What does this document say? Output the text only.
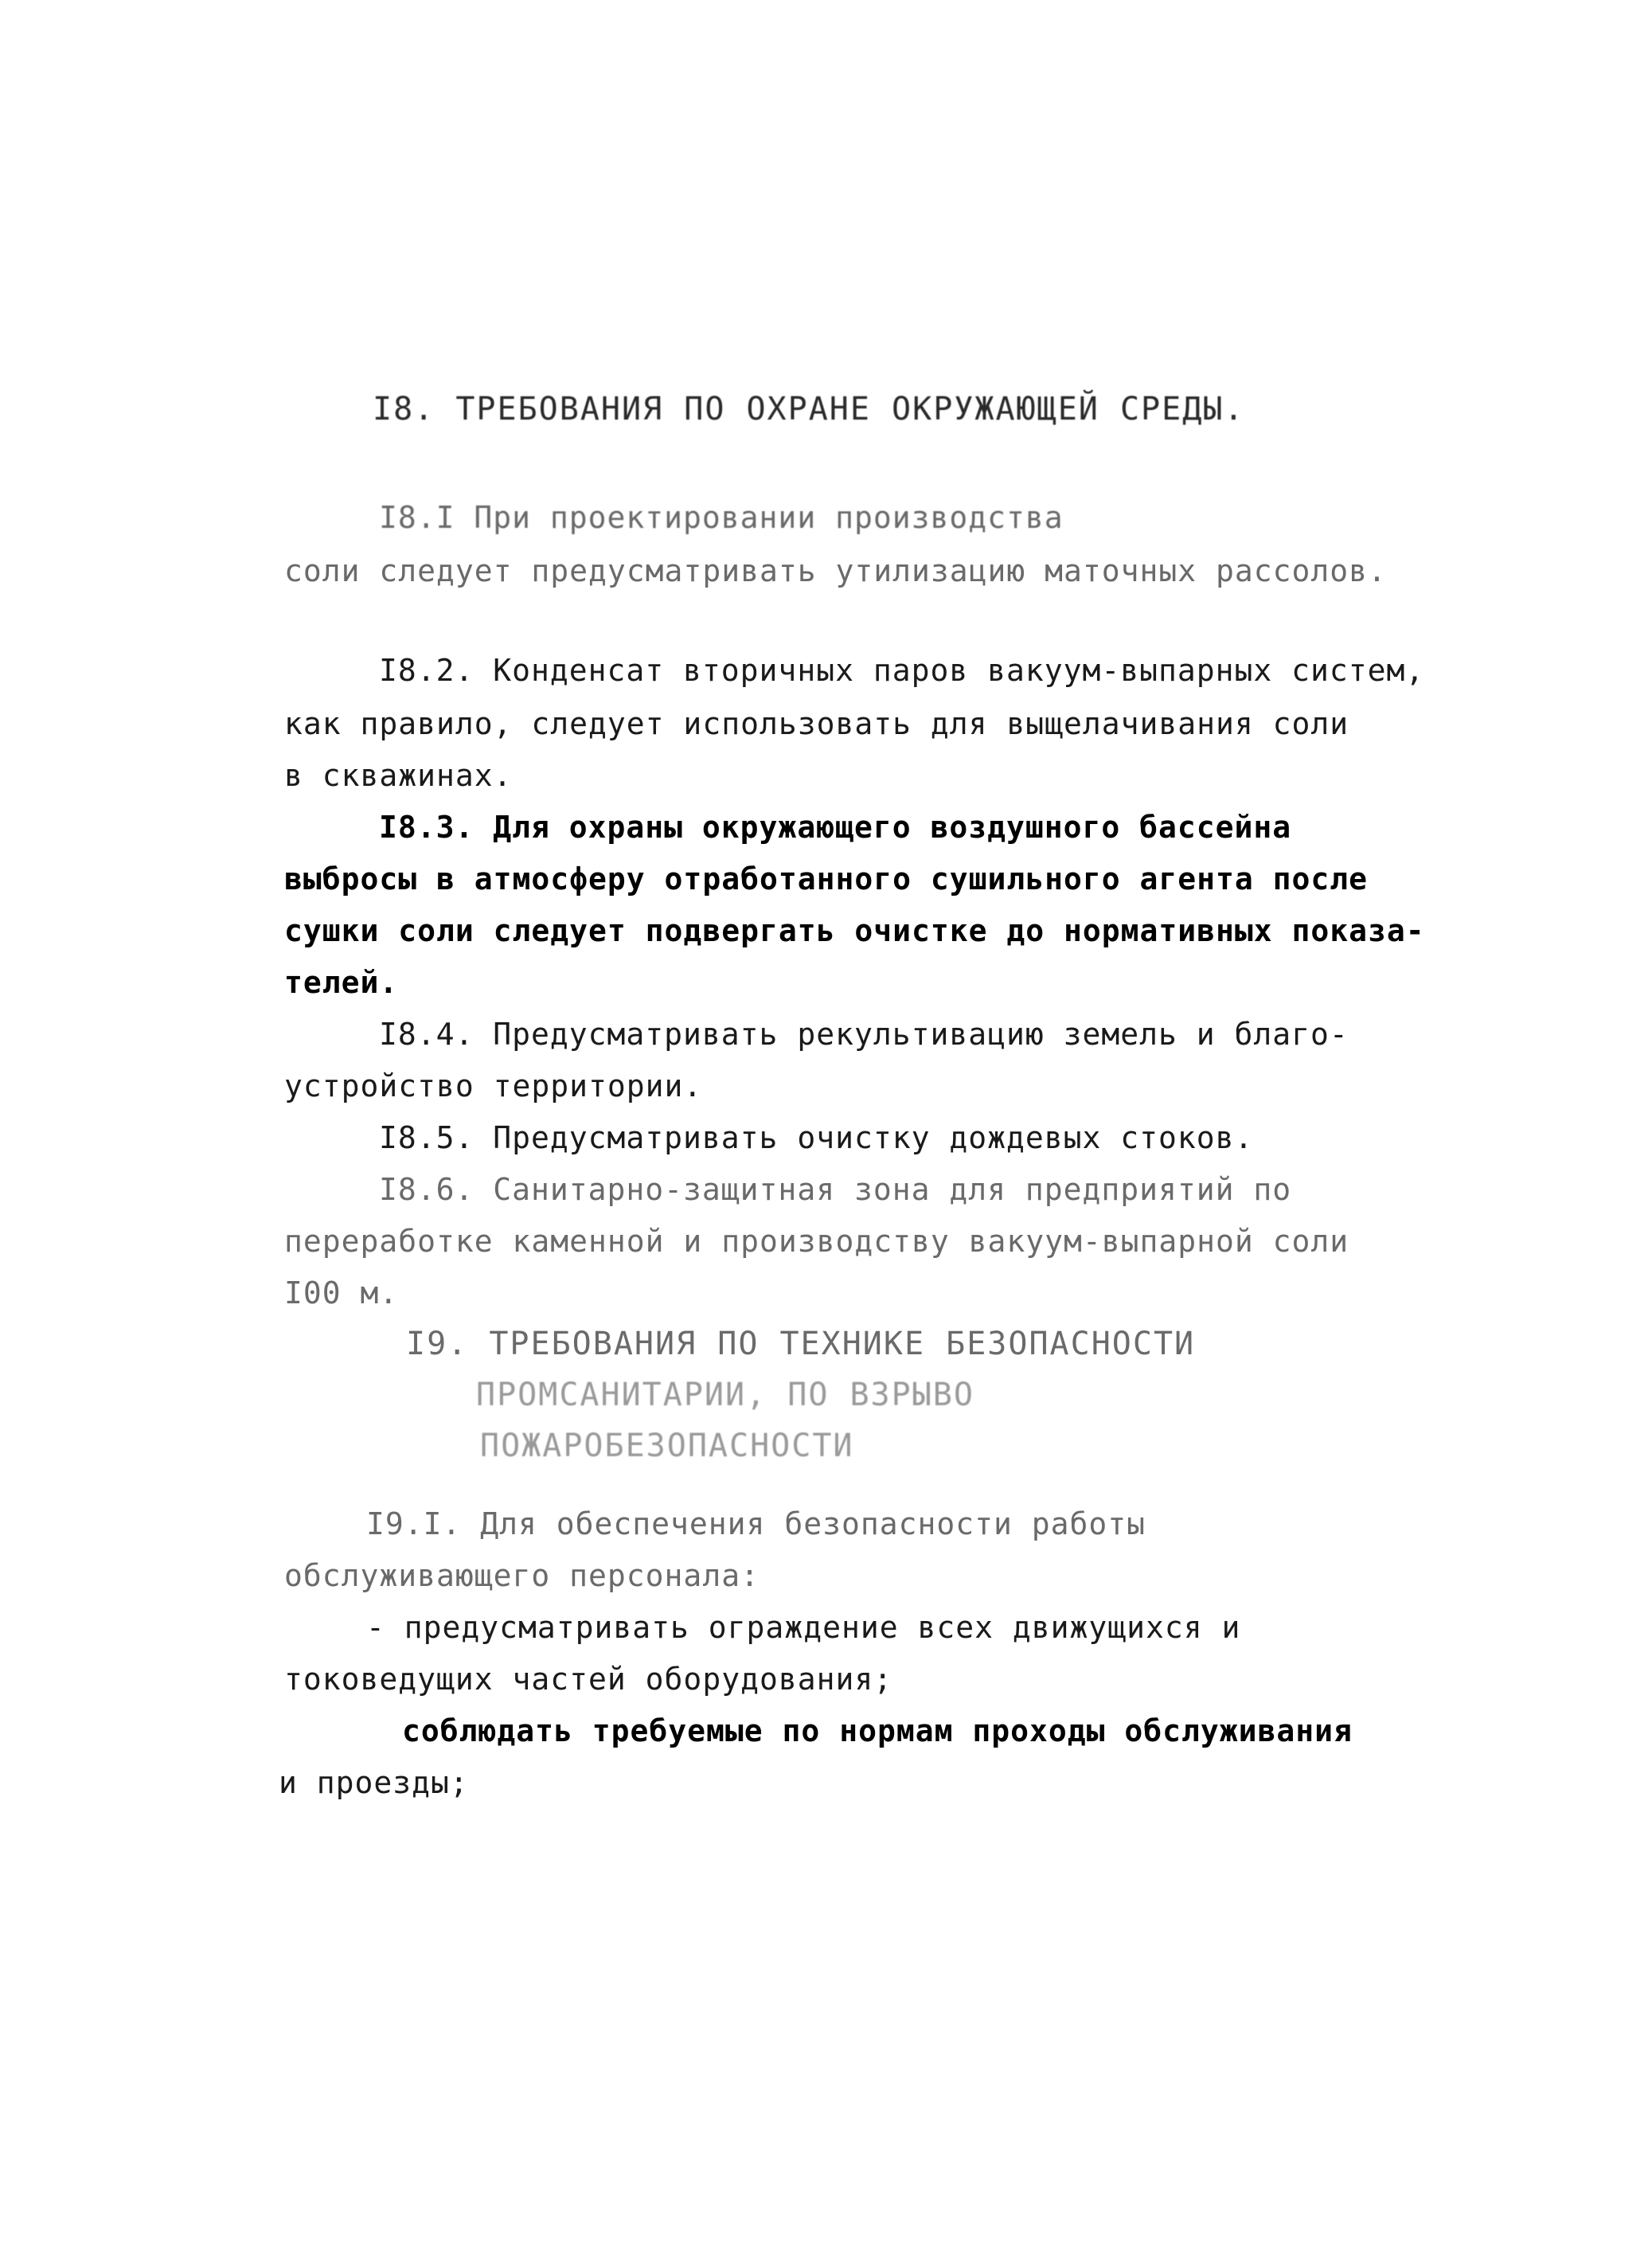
I8. ТРЕБОВАНИЯ ПО ОХРАНЕ ОКРУЖАЮЩЕЙ СРЕДЫ.
I8.I При проектировании производства
соли следует предусматривать утилизацию маточных рассолов.
I8.2. Конденсат вторичных паров вакуум-выпарных систем,
как правило, следует использовать для выщелачивания соли
в скважинах.
I8.3. Для охраны окружающего воздушного бассейна
выбросы в атмосферу отработанного сушильного агента после
сушки соли следует подвергать очистке до нормативных показа-
телей.
I8.4. Предусматривать рекультивацию земель и благо-
устройство территории.
I8.5. Предусматривать очистку дождевых стоков.
I8.6. Санитарно-защитная зона для предприятий по
переработке каменной и производству вакуум-выпарной соли
I00 м.
I9. ТРЕБОВАНИЯ ПО ТЕХНИКЕ БЕЗОПАСНОСТИ
ПРОМСАНИТАРИИ, ПО ВЗРЫВО
ПОЖАРОБЕЗОПАСНОСТИ
I9.I. Для обеспечения безопасности работы
обслуживающего персонала:
- предусматривать ограждение всех движущихся и
токоведущих частей оборудования;
соблюдать требуемые по нормам проходы обслуживания
и проезды;
